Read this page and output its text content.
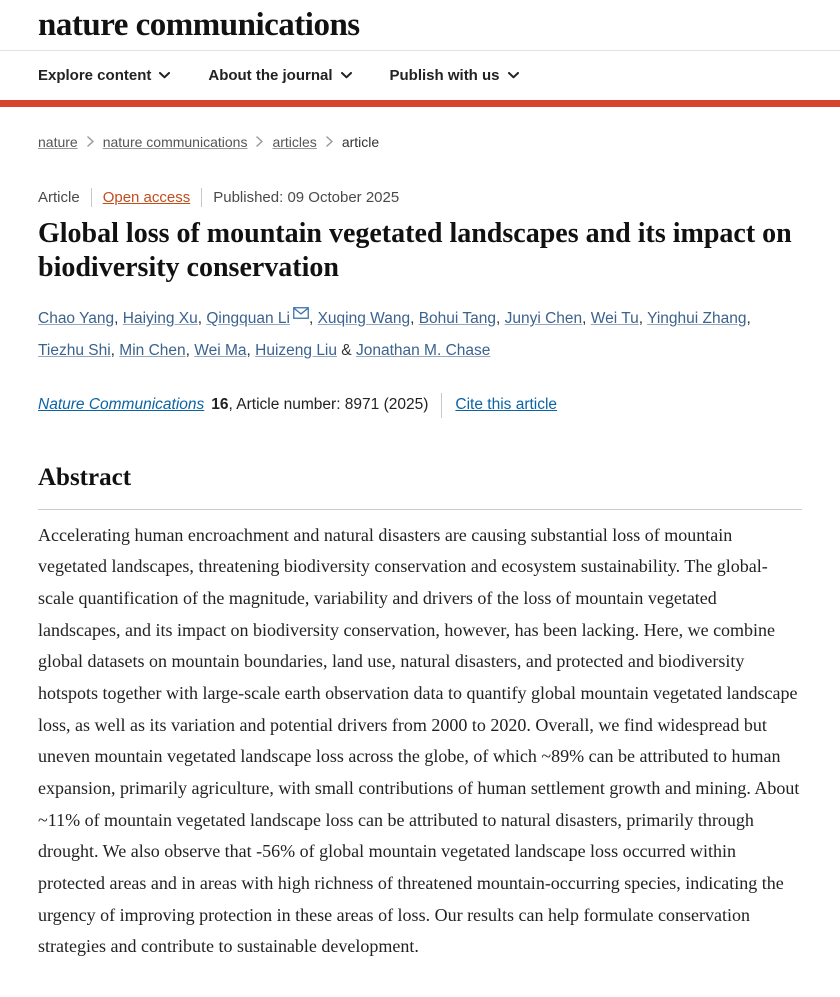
nature communications
Explore content	About the journal	Publish with us
nature nature communications articles article
Article Open access Published: 09 October 2025
Global loss of mountain vegetated landscapes and its impact on biodiversity conservation

Chao Yang, Haiying Xu, Qingquan Li , Xuqing Wang, Bohui Tang, Junyi Chen, Wei Tu, Yinghui Zhang, Tiezhu Shi, Min Chen, Wei Ma, Huizeng Liu & Jonathan M. Chase

Nature Communications 16 , Article number: 8971 (2025) Cite this article
Abstract

Accelerating human encroachment and natural disasters are causing substantial loss of mountain vegetated landscapes, threatening biodiversity conservation and ecosystem sustainability. The global-scale quantification of the magnitude, variability and drivers of the loss of mountain vegetated landscapes, and its impact on biodiversity conservation, however, has been lacking. Here, we combine global datasets on mountain boundaries, land use, natural disasters, and protected and biodiversity hotspots together with large-scale earth observation data to quantify global mountain vegetated landscape loss, as well as its variation and potential drivers from 2000 to 2020. Overall, we find widespread but uneven mountain vegetated landscape loss across the globe, of which ~89% can be attributed to human expansion, primarily agriculture, with small contributions of human settlement growth and mining. About ~11% of mountain vegetated landscape loss can be attributed to natural disasters, primarily through drought. We also observe that -56% of global mountain vegetated landscape loss occurred within protected areas and in areas with high richness of threatened mountain-occurring species, indicating the urgency of improving protection in these areas of loss. Our results can help formulate conservation strategies and contribute to sustainable development.
